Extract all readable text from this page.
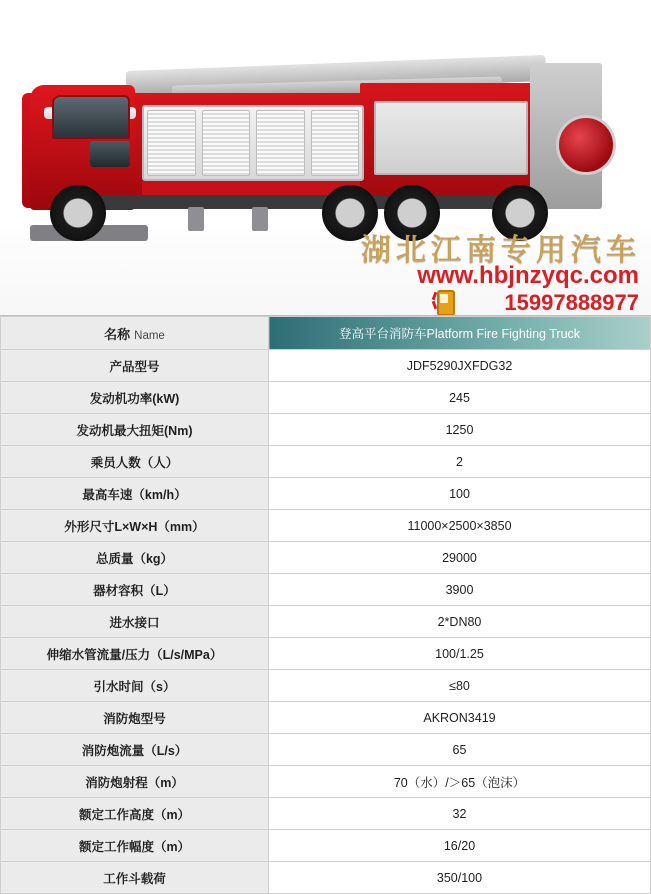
湖北江南专用汽车
www.hbjnzyqc.com
15997888977
名称 Name	登高平台消防车Platform Fire Fighting Truck
产品型号	JDF5290JXFDG32
发动机功率(kW)	245
发动机最大扭矩(Nm)	1250
乘员人数（人）	2
最高车速（km/h）	100
外形尺寸L×W×H（mm）	11000×2500×3850
总质量（kg）	29000
器材容积（L）	3900
进水接口	2*DN80
伸缩水管流量/压力（L/s/MPa）	100/1.25
引水时间（s）	≤80
消防炮型号	AKRON3419
消防炮流量（L/s）	65
消防炮射程（m）	70（水）/＞65（泡沫）
额定工作高度（m）	32
额定工作幅度（m）	16/20
工作斗载荷	350/100
